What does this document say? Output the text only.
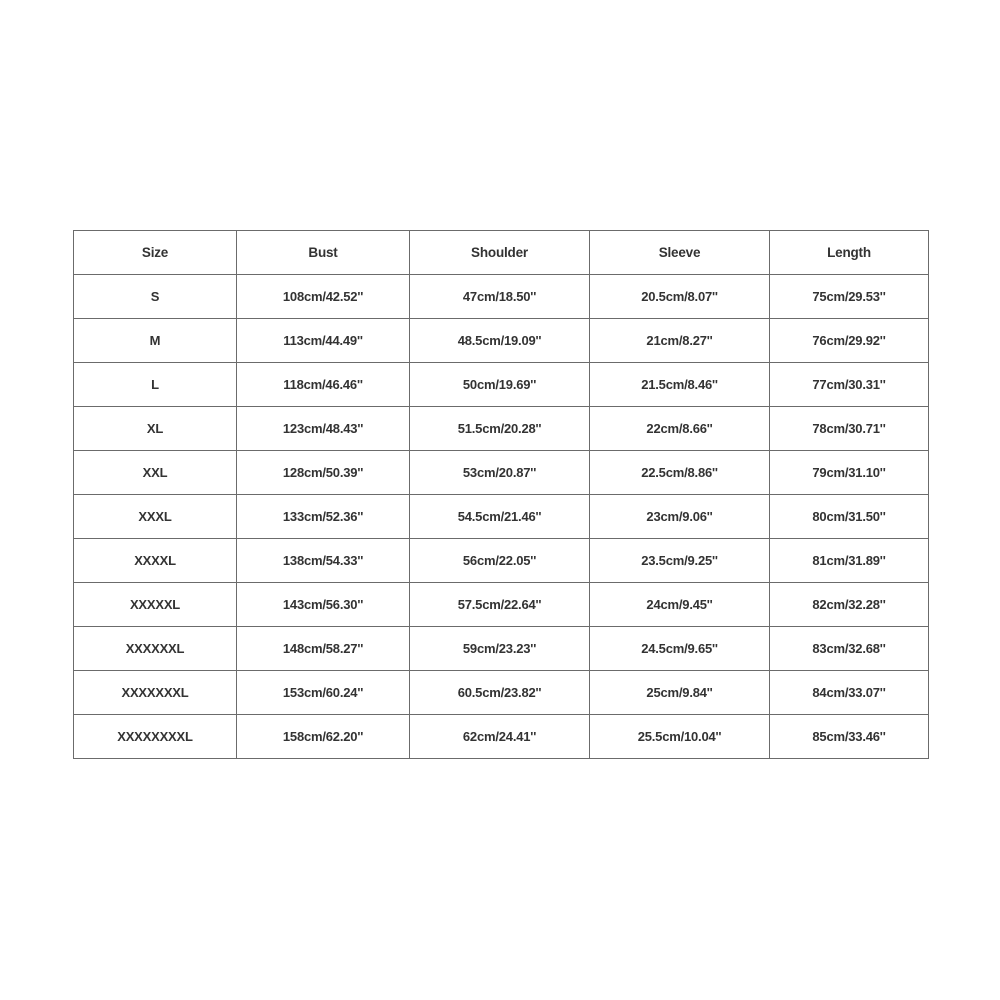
Size	Bust	Shoulder	Sleeve	Length
S	108cm/42.52''	47cm/18.50''	20.5cm/8.07''	75cm/29.53''
M	113cm/44.49''	48.5cm/19.09''	21cm/8.27''	76cm/29.92''
L	118cm/46.46''	50cm/19.69''	21.5cm/8.46''	77cm/30.31''
XL	123cm/48.43''	51.5cm/20.28''	22cm/8.66''	78cm/30.71''
XXL	128cm/50.39''	53cm/20.87''	22.5cm/8.86''	79cm/31.10''
XXXL	133cm/52.36''	54.5cm/21.46''	23cm/9.06''	80cm/31.50''
XXXXL	138cm/54.33''	56cm/22.05''	23.5cm/9.25''	81cm/31.89''
XXXXXL	143cm/56.30''	57.5cm/22.64''	24cm/9.45''	82cm/32.28''
XXXXXXL	148cm/58.27''	59cm/23.23''	24.5cm/9.65''	83cm/32.68''
XXXXXXXL	153cm/60.24''	60.5cm/23.82''	25cm/9.84''	84cm/33.07''
XXXXXXXXL	158cm/62.20''	62cm/24.41''	25.5cm/10.04''	85cm/33.46''
